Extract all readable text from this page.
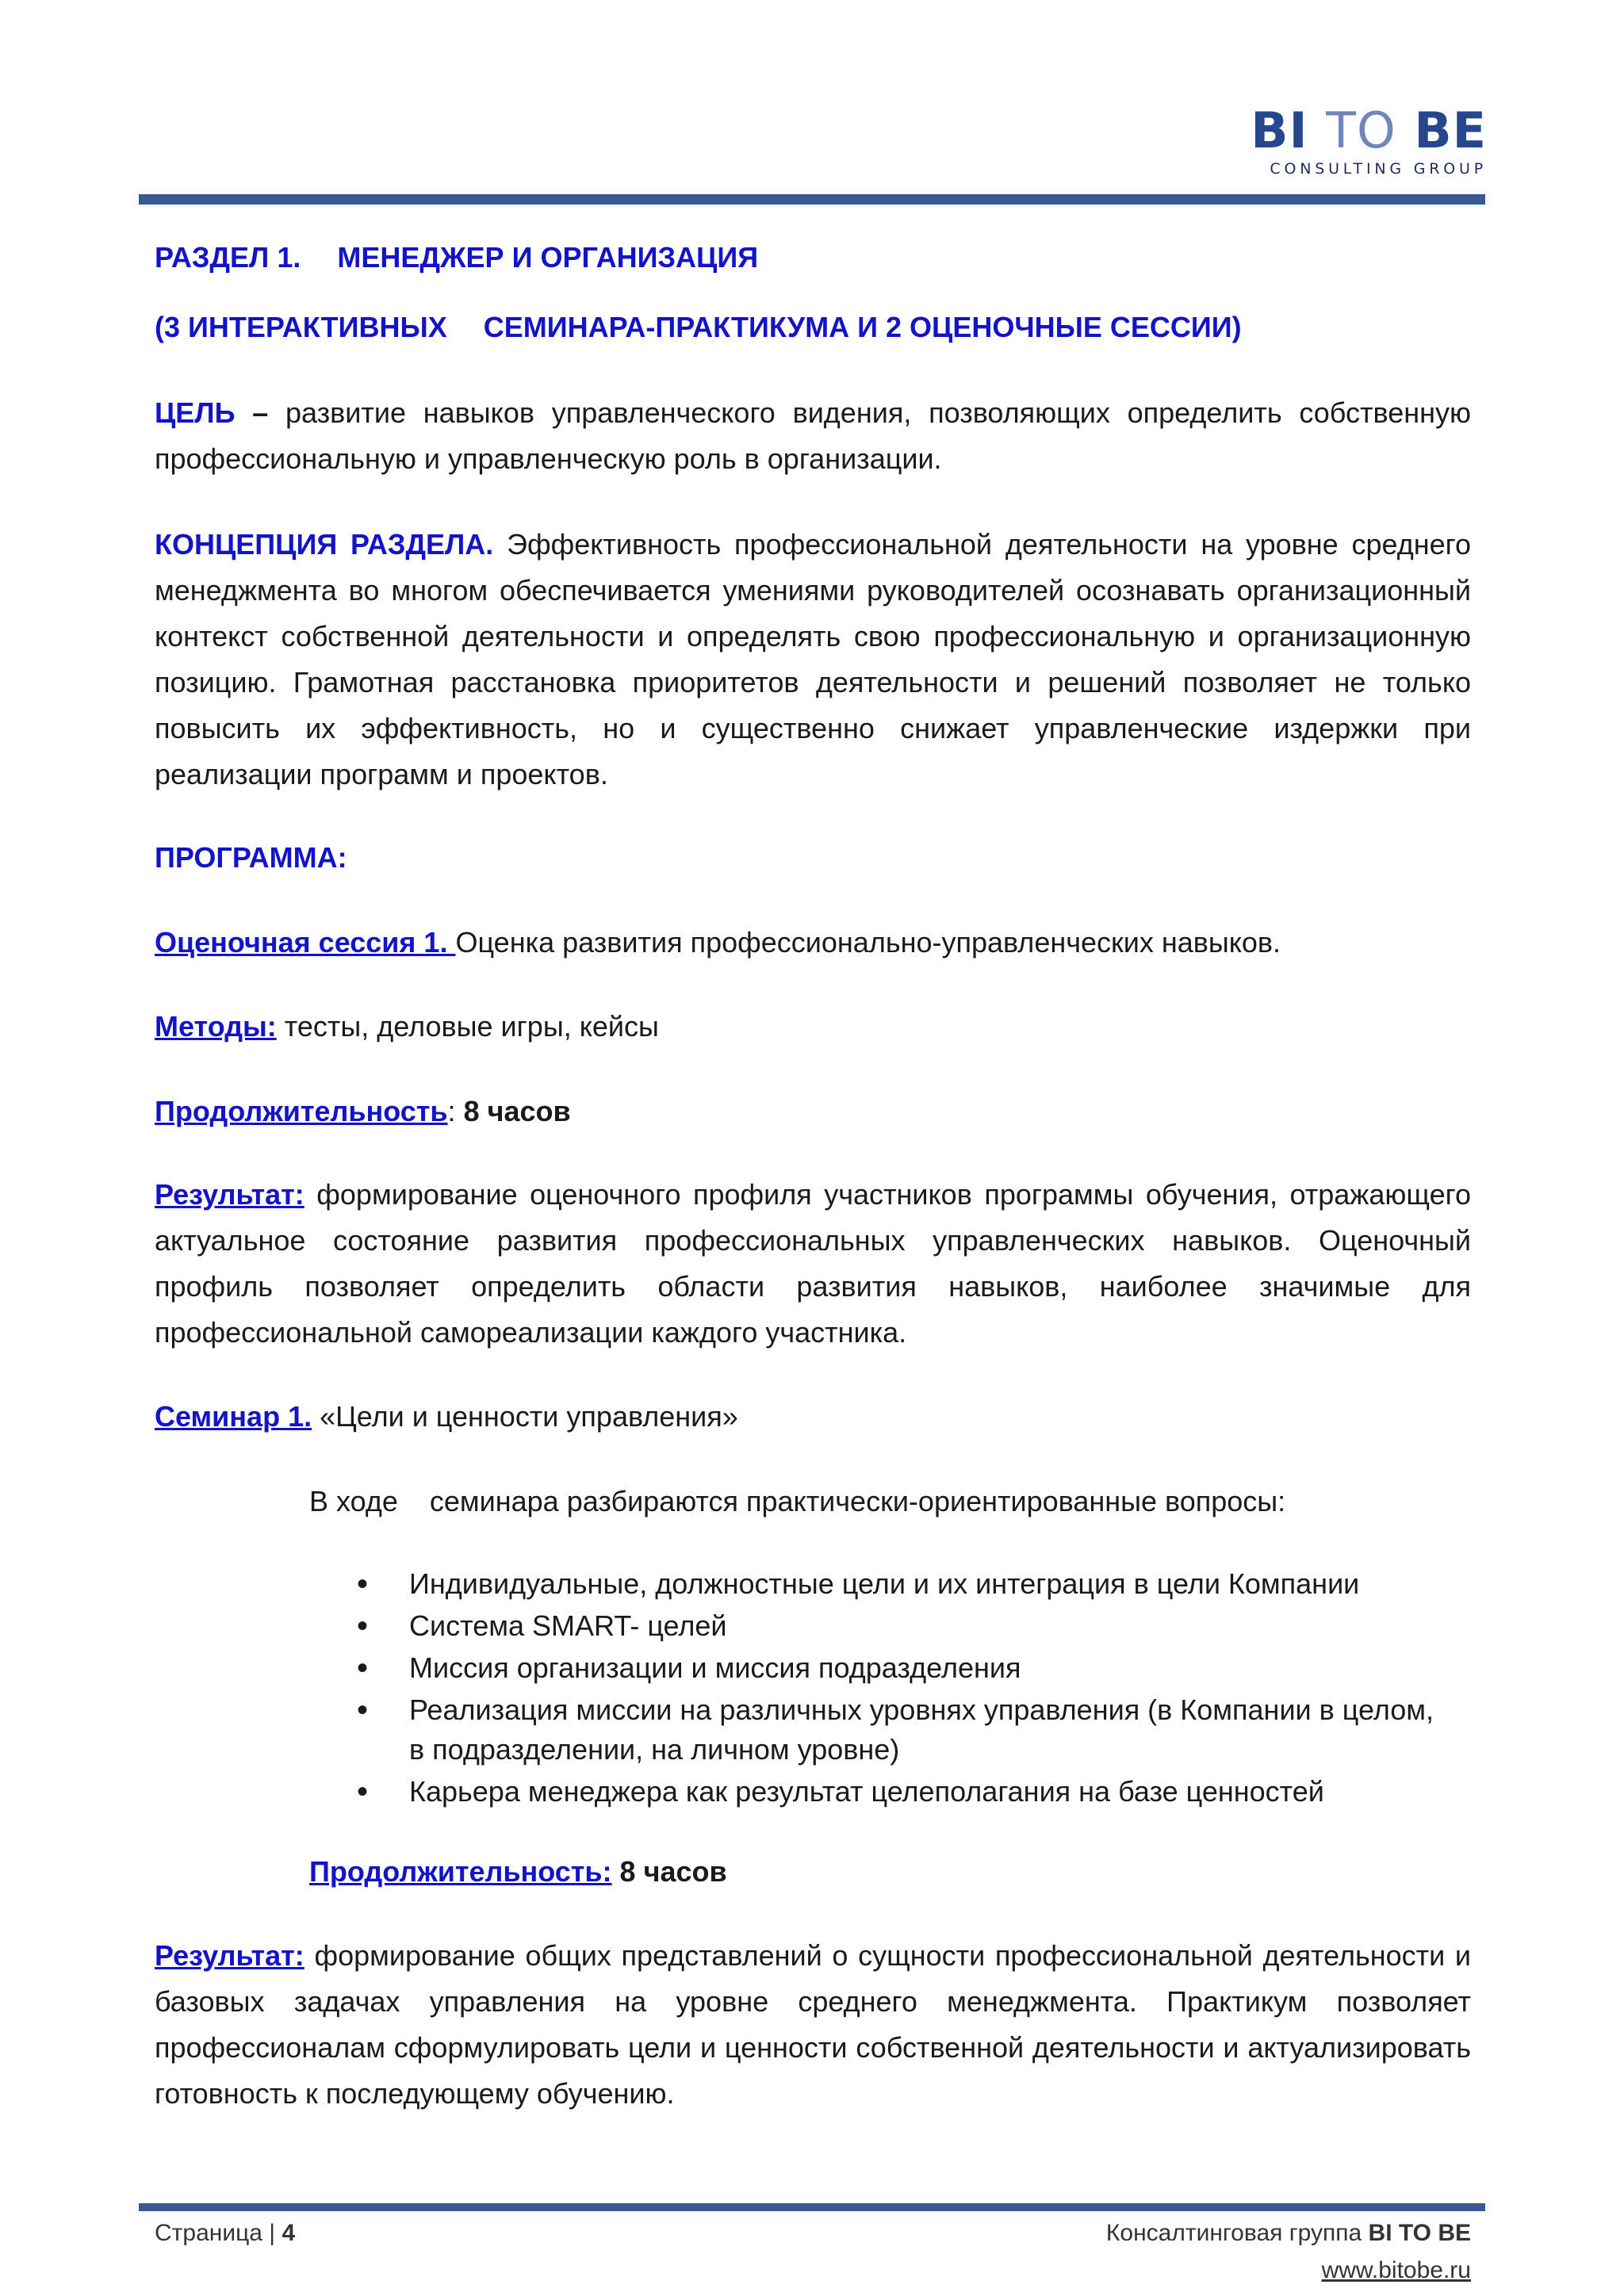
BI TO BE
CONSULTING GROUP
РАЗДЕЛ 1. МЕНЕДЖЕР И ОРГАНИЗАЦИЯ
(3 ИНТЕРАКТИВНЫХ СЕМИНАРА-ПРАКТИКУМА И 2 ОЦЕНОЧНЫЕ СЕССИИ)
ЦЕЛЬ – развитие навыков управленческого видения, позволяющих определить собственную профессиональную и управленческую роль в организации.
КОНЦЕПЦИЯ РАЗДЕЛА. Эффективность профессиональной деятельности на уровне среднего менеджмента во многом обеспечивается умениями руководителей осознавать организационный контекст собственной деятельности и определять свою профессиональную и организационную позицию. Грамотная расстановка приоритетов деятельности и решений позволяет не только повысить их эффективность, но и существенно снижает управленческие издержки при реализации программ и проектов.
ПРОГРАММА:
Оценочная сессия 1. Оценка развития профессионально-управленческих навыков.
Методы: тесты, деловые игры, кейсы
Продолжительность: 8 часов
Результат: формирование оценочного профиля участников программы обучения, отражающего актуальное состояние развития профессиональных управленческих навыков. Оценочный профиль позволяет определить области развития навыков, наиболее значимые для профессиональной самореализации каждого участника.
Семинар 1. «Цели и ценности управления»
В ходе    семинара разбираются практически-ориентированные вопросы:
• Индивидуальные, должностные цели и их интеграция в цели Компании
• Система SMART- целей
• Миссия организации и миссия подразделения
• Реализация миссии на различных уровнях управления (в Компании в целом, в подразделении, на личном уровне)
• Карьера менеджера как результат целеполагания на базе ценностей
Продолжительность: 8 часов
Результат: формирование общих представлений о сущности профессиональной деятельности и базовых задачах управления на уровне среднего менеджмента. Практикум позволяет профессионалам сформулировать цели и ценности собственной деятельности и актуализировать готовность к последующему обучению.
Страница | 4	Консалтинговая группа BI TO BE
www.bitobe.ru
